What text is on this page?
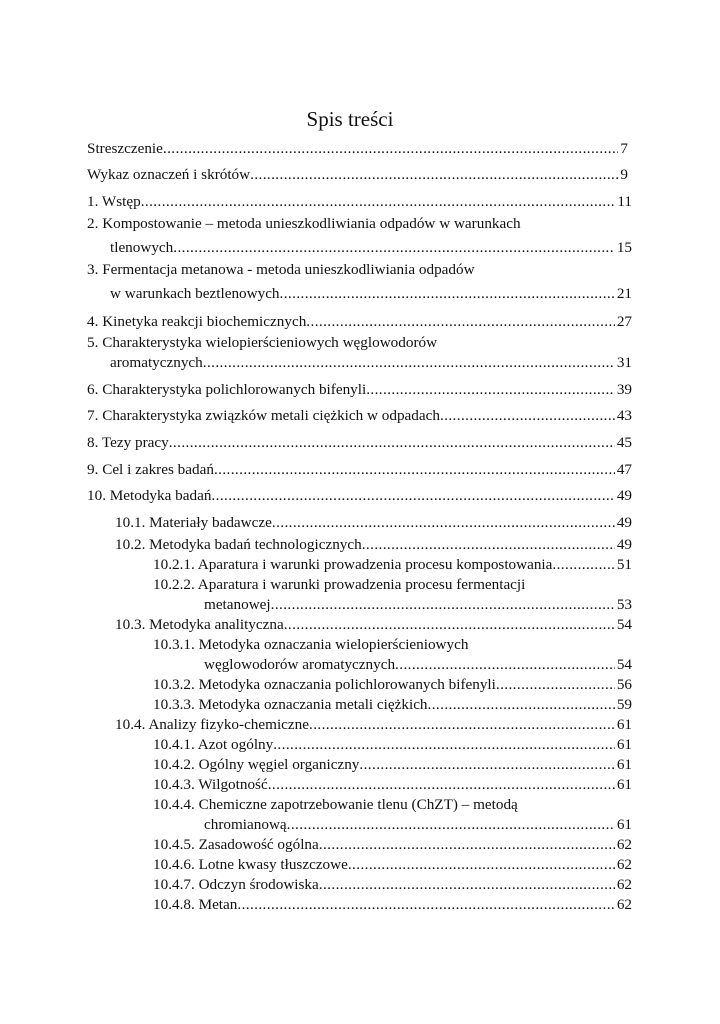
Spis treści
Streszczenie .....	7
Wykaz oznaczeń i skrótów .....	9
1. Wstęp .....	11
2. Kompostowanie – metoda unieszkodliwiania odpadów w warunkach
tlenowych .....	15
3. Fermentacja metanowa - metoda unieszkodliwiania odpadów
w warunkach beztlenowych .....	21
4. Kinetyka reakcji biochemicznych .....	27
5. Charakterystyka wielopierścieniowych węglowodorów
aromatycznych .....	31
6. Charakterystyka polichlorowanych bifenyli .....	39
7. Charakterystyka związków metali ciężkich w odpadach .....	43
8. Tezy pracy .....	45
9. Cel i zakres badań .....	47
10. Metodyka badań .....	49
10.1. Materiały badawcze .....	49
10.2. Metodyka badań technologicznych .....	49
10.2.1. Aparatura i warunki prowadzenia procesu kompostowania .....	51
10.2.2. Aparatura i warunki prowadzenia procesu fermentacji
metanowej .....	53
10.3. Metodyka analityczna .....	54
10.3.1. Metodyka oznaczania wielopierścieniowych
węglowodorów aromatycznych .....	54
10.3.2. Metodyka oznaczania polichlorowanych bifenyli .....	56
10.3.3. Metodyka oznaczania metali ciężkich .....	59
10.4. Analizy fizyko-chemiczne .....	61
10.4.1. Azot ogólny .....	61
10.4.2. Ogólny węgiel organiczny .....	61
10.4.3. Wilgotność .....	61
10.4.4. Chemiczne zapotrzebowanie tlenu (ChZT) – metodą
chromianową .....	61
10.4.5. Zasadowość ogólna .....	62
10.4.6. Lotne kwasy tłuszczowe .....	62
10.4.7. Odczyn środowiska .....	62
10.4.8. Metan .....	62
